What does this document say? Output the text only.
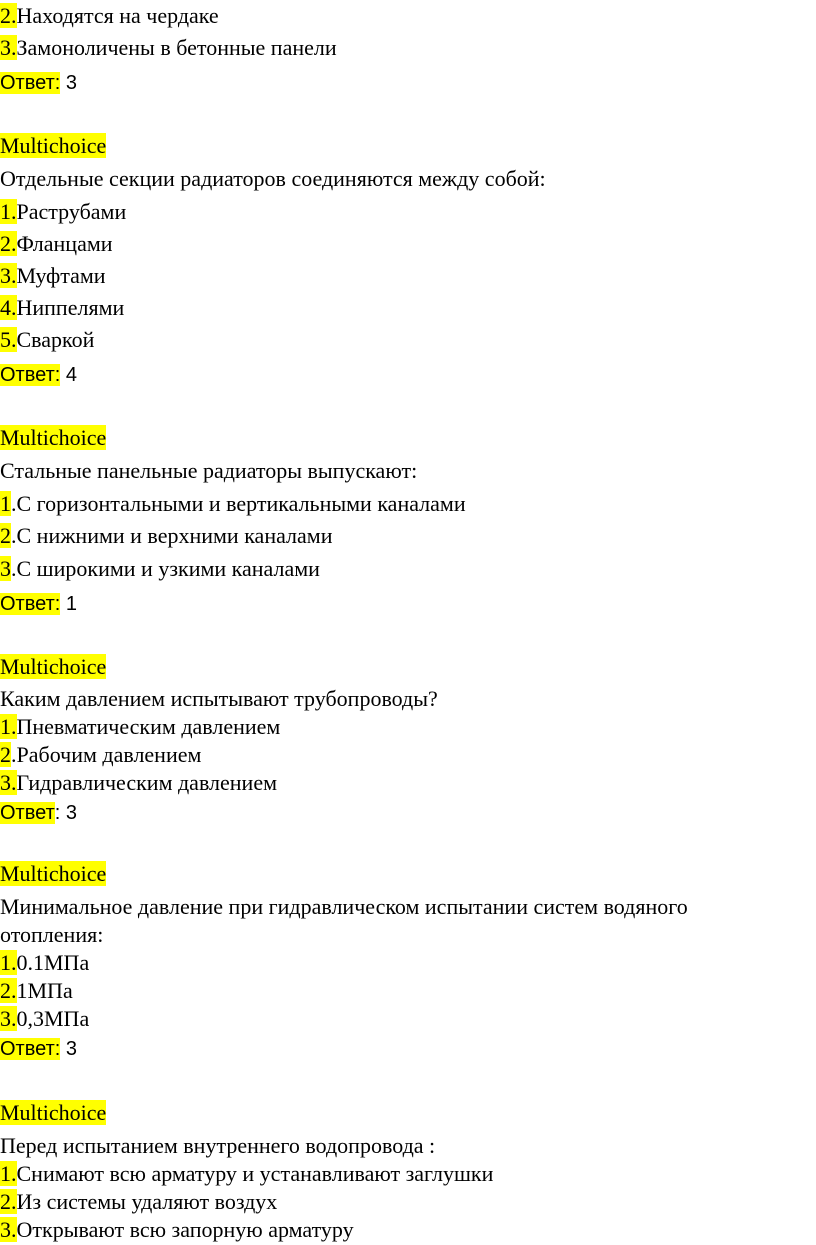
2.Находятся на чердаке
3.Замоноличены в бетонные панели
Ответ: 3
Multichoice
Отдельные секции радиаторов соединяются между собой:
1.Раструбами
2.Фланцами
3.Муфтами
4.Ниппелями
5.Сваркой
Ответ: 4
Multichoice
Стальные панельные радиаторы выпускают:
1.С горизонтальными и вертикальными каналами
2.С нижними и верхними каналами
3.С широкими и узкими каналами
Ответ: 1
Multichoice
Каким давлением испытывают трубопроводы?
1.Пневматическим давлением
2.Рабочим давлением
3.Гидравлическим давлением
Ответ: 3
Multichoice
Минимальное давление при гидравлическом испытании систем водяного
отопления:
1.0.1МПа
2.1МПа
3.0,3МПа
Ответ: 3
Multichoice
Перед испытанием внутреннего водопровода :
1.Снимают всю арматуру и устанавливают заглушки
2.Из системы удаляют воздух
3.Открывают всю запорную арматуру
